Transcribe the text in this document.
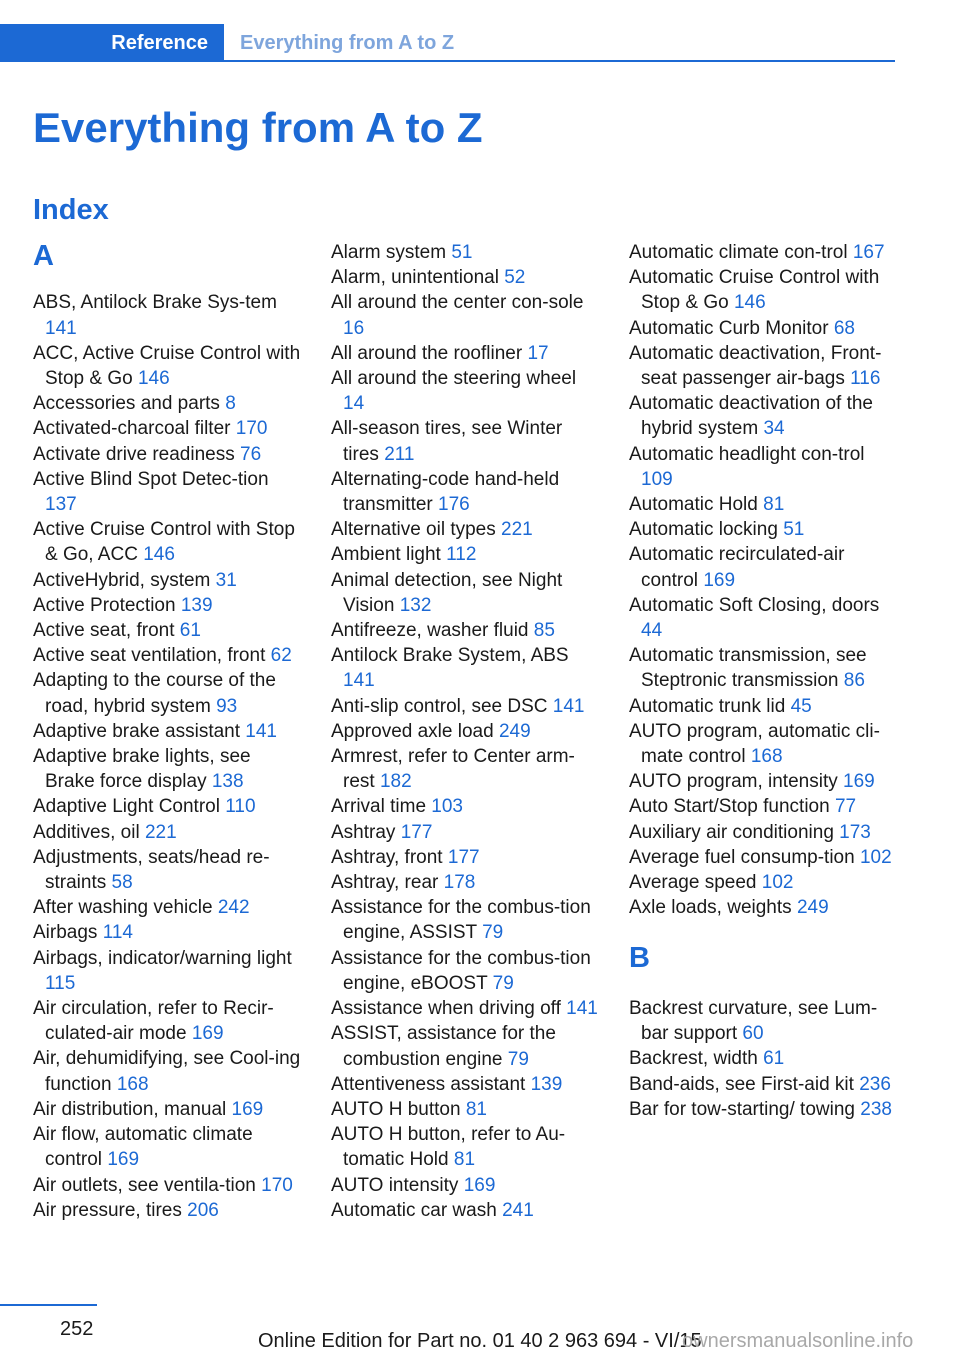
Reference	Everything from A to Z
Everything from A to Z
Index
A
ABS, Antilock Brake Sys-tem 141
ACC, Active Cruise Control with Stop & Go 146
Accessories and parts 8
Activated-charcoal filter 170
Activate drive readiness 76
Active Blind Spot Detec-tion 137
Active Cruise Control with Stop & Go, ACC 146
ActiveHybrid, system 31
Active Protection 139
Active seat, front 61
Active seat ventilation, front 62
Adapting to the course of the road, hybrid system 93
Adaptive brake assistant 141
Adaptive brake lights, see Brake force display 138
Adaptive Light Control 110
Additives, oil 221
Adjustments, seats/head re-straints 58
After washing vehicle 242
Airbags 114
Airbags, indicator/warning light 115
Air circulation, refer to Recir-culated-air mode 169
Air, dehumidifying, see Cool-ing function 168
Air distribution, manual 169
Air flow, automatic climate control 169
Air outlets, see ventila-tion 170
Air pressure, tires 206
Alarm system 51
Alarm, unintentional 52
All around the center con-sole 16
All around the roofliner 17
All around the steering wheel 14
All-season tires, see Winter tires 211
Alternating-code hand-held transmitter 176
Alternative oil types 221
Ambient light 112
Animal detection, see Night Vision 132
Antifreeze, washer fluid 85
Antilock Brake System, ABS 141
Anti-slip control, see DSC 141
Approved axle load 249
Armrest, refer to Center arm-rest 182
Arrival time 103
Ashtray 177
Ashtray, front 177
Ashtray, rear 178
Assistance for the combus-tion engine, ASSIST 79
Assistance for the combus-tion engine, eBOOST 79
Assistance when driving off 141
ASSIST, assistance for the combustion engine 79
Attentiveness assistant 139
AUTO H button 81
AUTO H button, refer to Au-tomatic Hold 81
AUTO intensity 169
Automatic car wash 241
Automatic climate con-trol 167
Automatic Cruise Control with Stop & Go 146
Automatic Curb Monitor 68
Automatic deactivation, Front-seat passenger air-bags 116
Automatic deactivation of the hybrid system 34
Automatic headlight con-trol 109
Automatic Hold 81
Automatic locking 51
Automatic recirculated-air control 169
Automatic Soft Closing, doors 44
Automatic transmission, see Steptronic transmission 86
Automatic trunk lid 45
AUTO program, automatic cli-mate control 168
AUTO program, intensity 169
Auto Start/Stop function 77
Auxiliary air conditioning 173
Average fuel consump-tion 102
Average speed 102
Axle loads, weights 249
B
Backrest curvature, see Lum-bar support 60
Backrest, width 61
Band-aids, see First-aid kit 236
Bar for tow-starting/ towing 238
252
Online Edition for Part no. 01 40 2 963 694 - VI/15
ownersmanualsonline.info
